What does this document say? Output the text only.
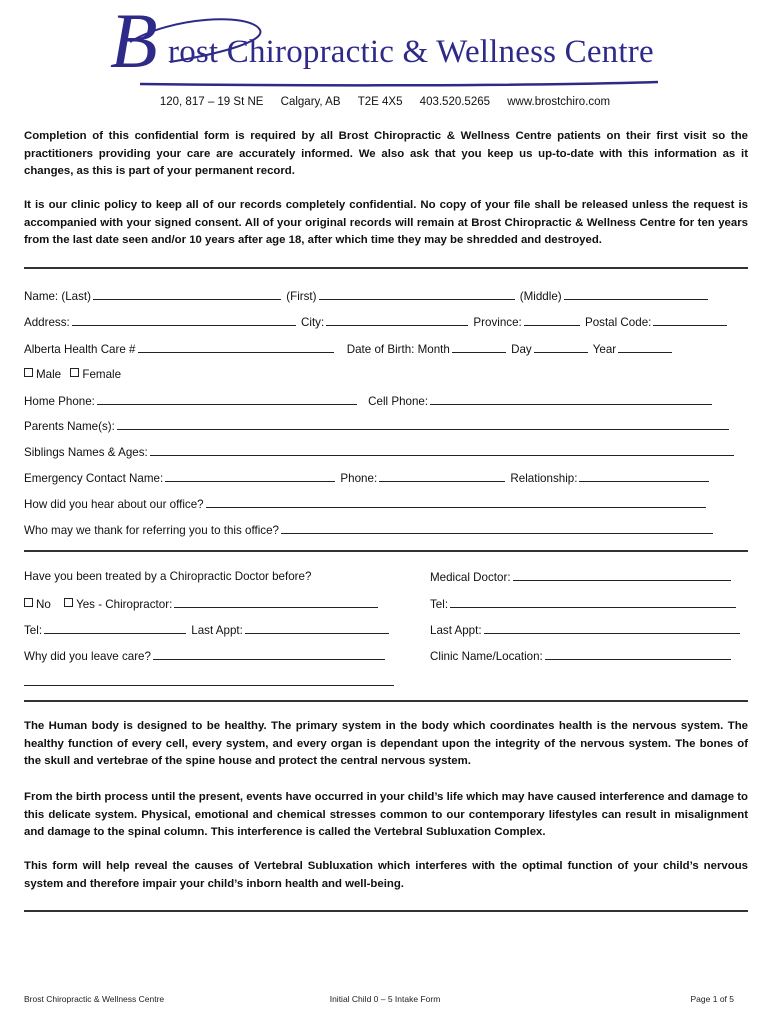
B rost Chiropractic & Wellness Centre
120, 817 – 19 St NE Calgary, AB T2E 4X5 403.520.5265 www.brostchiro.com
Completion of this confidential form is required by all Brost Chiropractic & Wellness Centre patients on their first visit so the practitioners providing your care are accurately informed. We also ask that you keep us up-to-date with this information as it changes, as this is part of your permanent record.
It is our clinic policy to keep all of our records completely confidential. No copy of your file shall be released unless the request is accompanied with your signed consent. All of your original records will remain at Brost Chiropractic & Wellness Centre for ten years from the last date seen and/or 10 years after age 18, after which time they may be shredded and destroyed.
Name: (Last)	(First)	(Middle)
Address:	City:	Province:	Postal Code:
Alberta Health Care #	Date of Birth: Month	Day	Year
Male Female
Home Phone:	Cell Phone:
Parents Name(s):
Siblings Names & Ages:
Emergency Contact Name:	Phone:	Relationship:
How did you hear about our office?
Who may we thank for referring you to this office?
Have you been treated by a Chiropractic Doctor before?
No Yes - Chiropractor:
Tel:	Last Appt:
Why did you leave care?
Medical Doctor:
Tel:
Last Appt:
Clinic Name/Location:
The Human body is designed to be healthy. The primary system in the body which coordinates health is the nervous system. The healthy function of every cell, every system, and every organ is dependant upon the integrity of the nervous system. The bones of the skull and vertebrae of the spine house and protect the central nervous system.
From the birth process until the present, events have occurred in your child’s life which may have caused interference and damage to this delicate system. Physical, emotional and chemical stresses common to our contemporary lifestyles can result in misalignment and damage to the spinal column. This interference is called the Vertebral Subluxation Complex.
This form will help reveal the causes of Vertebral Subluxation which interferes with the optimal function of your child’s nervous system and therefore impair your child’s inborn health and well-being.
Brost Chiropractic & Wellness Centre	Initial Child 0 – 5 Intake Form	Page 1 of 5
